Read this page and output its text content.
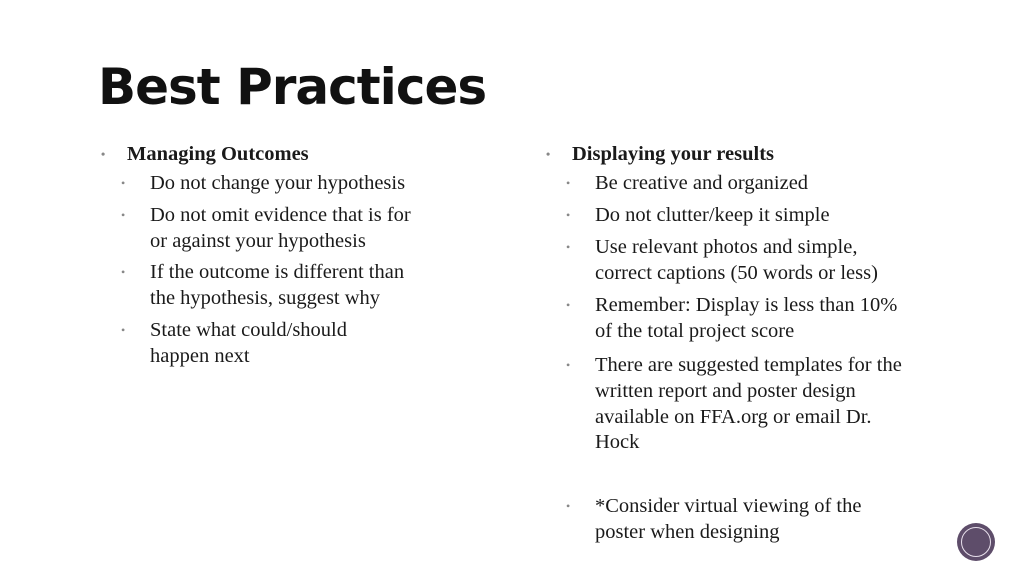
Best Practices
• Managing Outcomes
• Do not change your hypothesis
• Do not omit evidence that is for
or against your hypothesis
• If the outcome is different than
the hypothesis, suggest why
• State what could/should
happen next
• Displaying your results
• Be creative and organized
• Do not clutter/keep it simple
• Use relevant photos and simple,
correct captions (50 words or less)
• Remember: Display is less than 10%
of the total project score
• There are suggested templates for the
written report and poster design
available on FFA.org or email Dr.
Hock
• *Consider virtual viewing of the
poster when designing
